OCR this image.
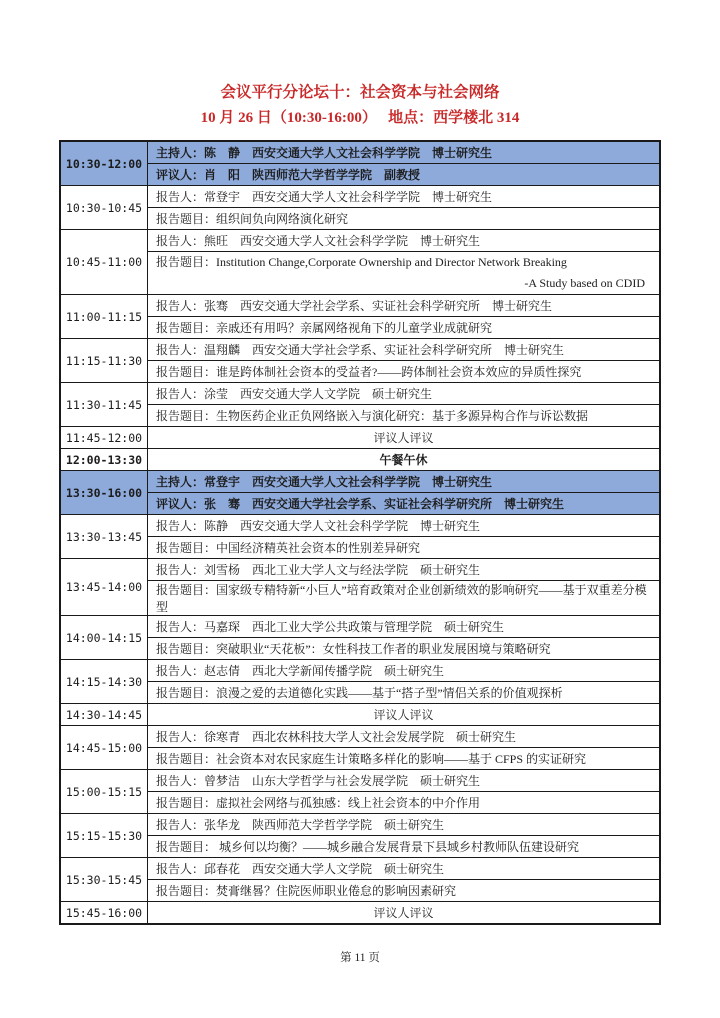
会议平行分论坛十：社会资本与社会网络
10 月 26 日（10:30-16:00）　 地点：西学楼北 314
10:30-12:00
主持人：陈　静　西安交通大学人文社会科学学院　博士研究生
评议人：肖　阳　陕西师范大学哲学学院　副教授
10:30-10:45
报告人：常登宇　西安交通大学人文社会科学学院　博士研究生
报告题目：组织间负向网络演化研究
10:45-11:00
报告人：熊旺　西安交通大学人文社会科学学院　博士研究生
报告题目：Institution Change,Corporate Ownership and Director Network Breaking
-A Study based on CDID
11:00-11:15
报告人：张骞　西安交通大学社会学系、实证社会科学研究所　博士研究生
报告题目：亲戚还有用吗？亲属网络视角下的儿童学业成就研究
11:15-11:30
报告人：温翔麟　西安交通大学社会学系、实证社会科学研究所　博士研究生
报告题目：谁是跨体制社会资本的受益者?——跨体制社会资本效应的异质性探究
11:30-11:45
报告人：涂莹　西安交通大学人文学院　硕士研究生
报告题目：生物医药企业正负网络嵌入与演化研究：基于多源异构合作与诉讼数据
11:45-12:00	评议人评议
12:00-13:30	午餐午休
13:30-16:00
主持人：常登宇　西安交通大学人文社会科学学院　博士研究生
评议人：张　骞　西安交通大学社会学系、实证社会科学研究所　博士研究生
13:30-13:45
报告人：陈静　西安交通大学人文社会科学学院　博士研究生
报告题目：中国经济精英社会资本的性别差异研究
13:45-14:00
报告人：刘雪杨　西北工业大学人文与经法学院　硕士研究生
报告题目：国家级专精特新“小巨人”培育政策对企业创新绩效的影响研究——基于双重差分模型
14:00-14:15
报告人：马嘉琛　西北工业大学公共政策与管理学院　硕士研究生
报告题目：突破职业“天花板”：女性科技工作者的职业发展困境与策略研究
14:15-14:30
报告人：赵志倩　西北大学新闻传播学院　硕士研究生
报告题目：浪漫之爱的去道德化实践——基于“搭子型”情侣关系的价值观探析
14:30-14:45	评议人评议
14:45-15:00
报告人：徐寒青　西北农林科技大学人文社会发展学院　硕士研究生
报告题目：社会资本对农民家庭生计策略多样化的影响——基于 CFPS 的实证研究
15:00-15:15
报告人：曾梦洁　山东大学哲学与社会发展学院　硕士研究生
报告题目：虚拟社会网络与孤独感：线上社会资本的中介作用
15:15-15:30
报告人：张华龙　陕西师范大学哲学学院　硕士研究生
报告题目： 城乡何以均衡？——城乡融合发展背景下县域乡村教师队伍建设研究
15:30-15:45
报告人：邱春花　西安交通大学人文学院　硕士研究生
报告题目：焚膏继晷？住院医师职业倦怠的影响因素研究
15:45-16:00	评议人评议
第 11 页
